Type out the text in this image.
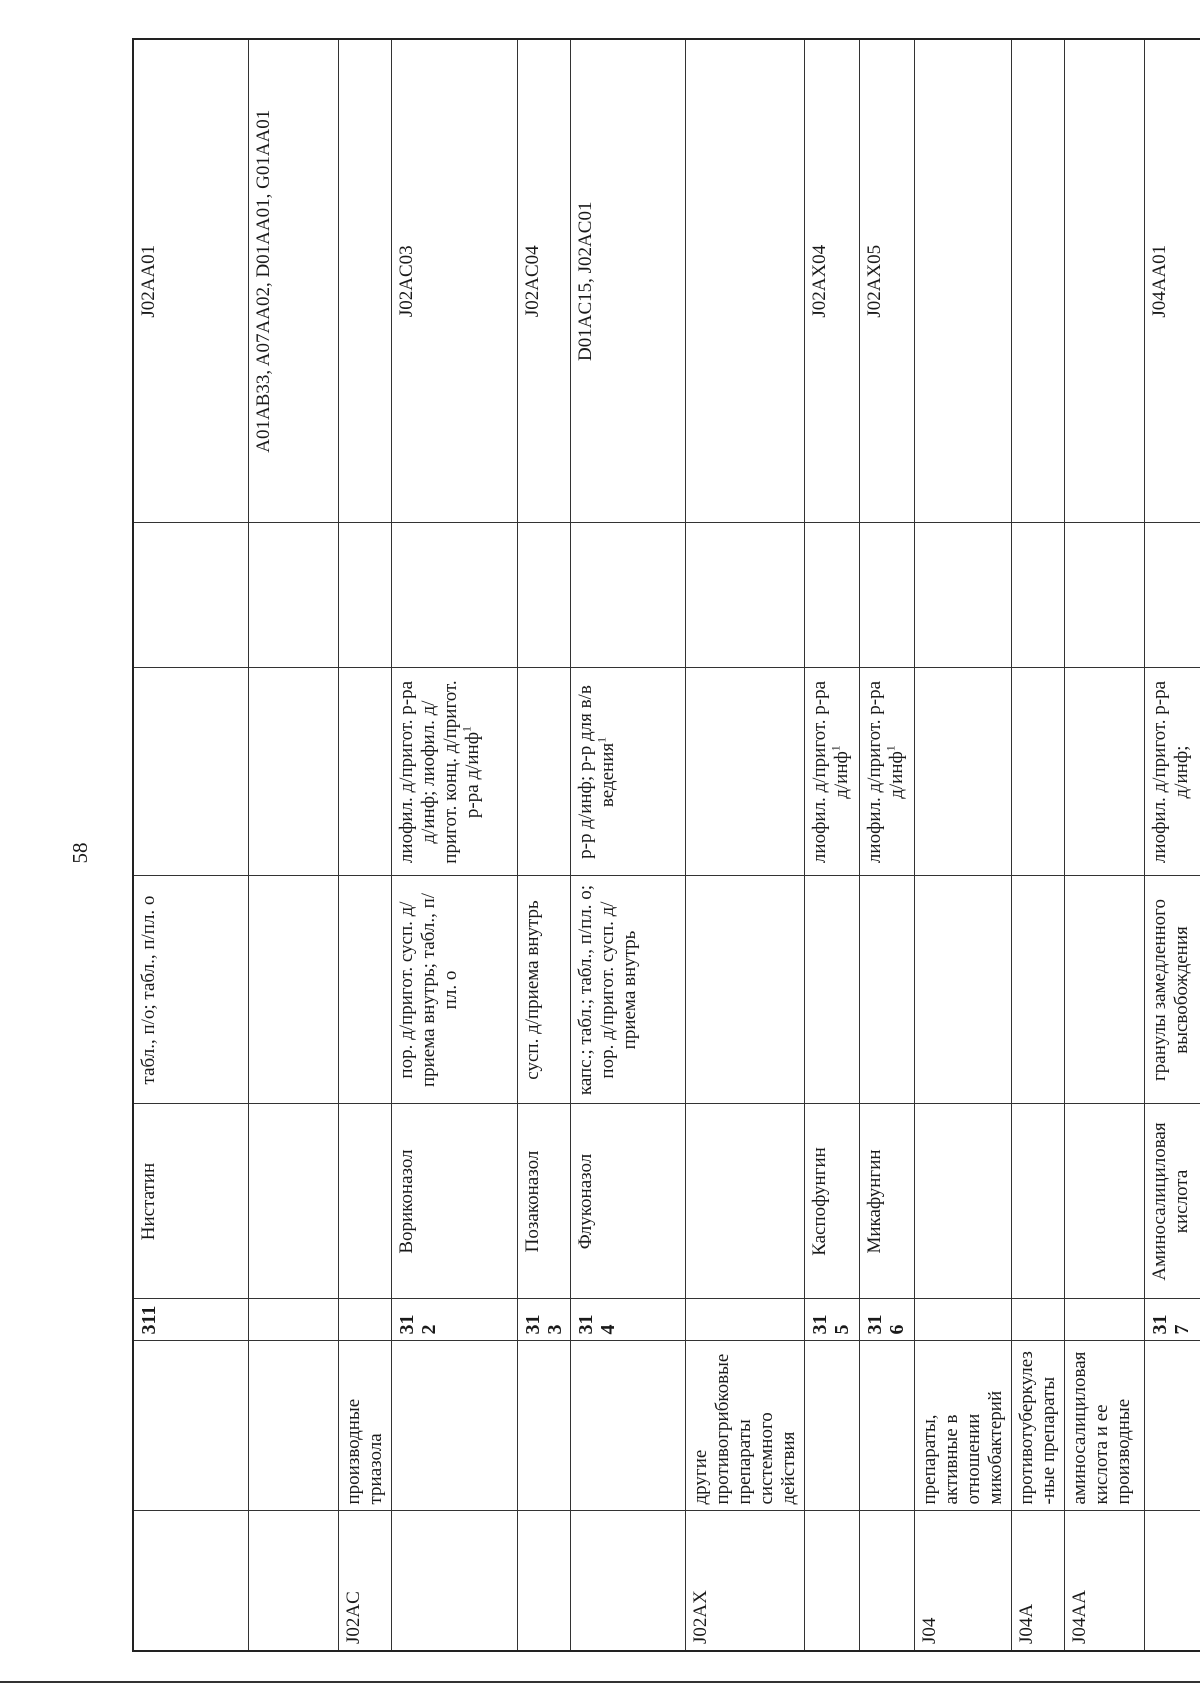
58
		311	Нистатин	табл., п/о; табл., п/пл. о			J02AA01
							A01AB33, A07AA02, D01AA01, G01AA01
J02AC	производные триазола						
		312	Вориконазол	пор. д/пригот. сусп. д/приема внутрь; табл., п/пл. о	лиофил. д/пригот. р-ра д/инф; лиофил. д/пригот. конц. д/пригот. р-ра д/инф$^1$		J02AC03
		313	Позаконазол	сусп. д/приема внутрь			J02AC04
		314	Флуконазол	капс.; табл.; табл., п/пл. о; пор. д/пригот. сусп. д/приема внутрь	р-р д/инф; р-р для в/в ведения$^1$		D01AC15, J02AC01
J02AX	другие противогрибковые препараты системного действия						
		315	Каспофунгин		лиофил. д/пригот. р-ра д/инф$^1$		J02AX04
		316	Микафунгин		лиофил. д/пригот. р-ра д/инф$^1$		J02AX05
J04	препараты, активные в отношении микобактерий						
J04A	противотуберкулез-ные препараты						
J04AA	аминосалициловая кислота и ее производные						
		317	Аминосалициловая кислота	гранулы замедленного высвобождения	лиофил. д/пригот. р-ра д/инф;		J04AA01
